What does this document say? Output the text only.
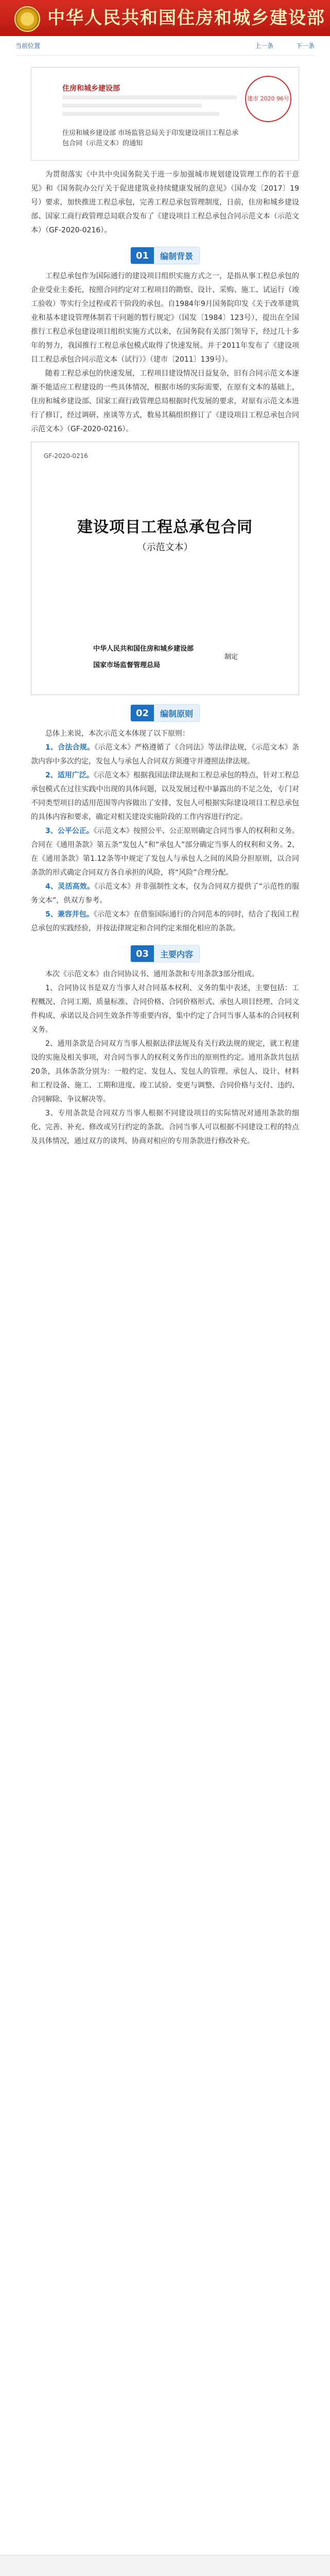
中华人民共和国住房和城乡建设部
当前位置	上一条	下一条
住房和城乡建设部
住房和城乡建设部 市场监管总局关于印发建设项目工程总承包合同（示范文本）的通知
建市 2020 96号

为贯彻落实《中共中央国务院关于进一步加强城市规划建设管理工作的若干意见》和《国务院办公厅关于促进建筑业持续健康发展的意见》（国办发〔2017〕19号）要求，加快推进工程总承包，完善工程总承包管理制度，日前，住房和城乡建设部、国家工商行政管理总局联合发布了《建设项目工程总承包合同示范文本（示范文本）（GF-2020-0216）。

01	编制背景

工程总承包作为国际通行的建设项目组织实施方式之一，是指从事工程总承包的企业受业主委托，按照合同约定对工程项目的勘察、设计、采购、施工、试运行（竣工验收）等实行全过程或若干阶段的承包。自1984年9月国务院印发《关于改革建筑业和基本建设管理体制若干问题的暂行规定》（国发〔1984〕123号），提出在全国推行工程总承包建设项目组织实施方式以来，在国务院有关部门领导下，经过几十多年的努力，我国推行工程总承包模式取得了快速发展。并于2011年发布了《建设项目工程总承包合同示范文本（试行）》（建市〔2011〕139号）。

随着工程总承包的快速发展，工程项目建设情况日益复杂，旧有合同示范文本逐渐不能适应工程建设的一些具体情况，根据市场的实际需要，在原有文本的基础上，住房和城乡建设部、国家工商行政管理总局根据时代发展的要求，对原有示范文本进行了修订，经过调研、座谈等方式，数易其稿组织修订了《建设项目工程总承包合同示范文本》（GF-2020-0216）。

GF-2020-0216
建设项目工程总承包合同
（示范文本）
中华人民共和国住房和城乡建设部
国家市场监督管理总局
制定
02	编制原则

总体上来说，本次示范文本体现了以下原则：

1、合法合规。《示范文本》严格遵循了《合同法》等法律法规，《示范文本》条款内容中多次约定，发包人与承包人合同双方须遵守并遵照法律法规。

2、适用广泛。《示范文本》根据我国法律法规和工程总承包的特点，针对工程总承包模式在过往实践中出现的具体问题，以及发展过程中暴露出的不足之处，专门对不同类型项目的适用范围等内容做出了安排，发包人可根据实际建设项目工程总承包的具体内容和要求，确定对相关建设实施阶段的工作内容进行约定。

3、公平公正。《示范文本》按照公平、公正原则确定合同当事人的权利和义务。合同在《通用条款》第五条“发包人”和“承包人”部分确定当事人的权利和义务。2、在《通用条款》第1.12条等中规定了发包人与承包人之间的风险分担原则，以合同条款的形式确定合同双方各自承担的风险，将“风险”合理分配。

4、灵活高效。《示范文本》并非强制性文本，仅为合同双方提供了“示范性的服务文本”，供双方参考。

5、兼容并包。《示范文本》在借鉴国际通行的合同范本的同时，结合了我国工程总承包的实践经验，并按法律规定和合同约定来细化相应的条款。

03	主要内容

本次《示范文本》由合同协议书、通用条款和专用条款3部分组成。

1、合同协议书是双方当事人对合同基本权利、义务的集中表述，主要包括：工程概况、合同工期、质量标准、合同价格、合同价格形式、承包人项目经理、合同文件构成、承诺以及合同生效条件等重要内容，集中约定了合同当事人基本的合同权利义务。

2、通用条款是合同双方当事人根据法律法规及有关行政法规的规定，就工程建设的实施及相关事项，对合同当事人的权利义务作出的原则性约定。通用条款共包括20条，具体条款分别为：一般约定、发包人、发包人的管理、承包人、设计、材料和工程设备、施工、工期和进度、竣工试验、变更与调整、合同价格与支付、违约、合同解除、争议解决等。

3、专用条款是合同双方当事人根据不同建设项目的实际情况对通用条款的细化、完善、补充、修改或另行约定的条款。合同当事人可以根据不同建设工程的特点及具体情况，通过双方的谈判、协商对相应的专用条款进行修改补充。
